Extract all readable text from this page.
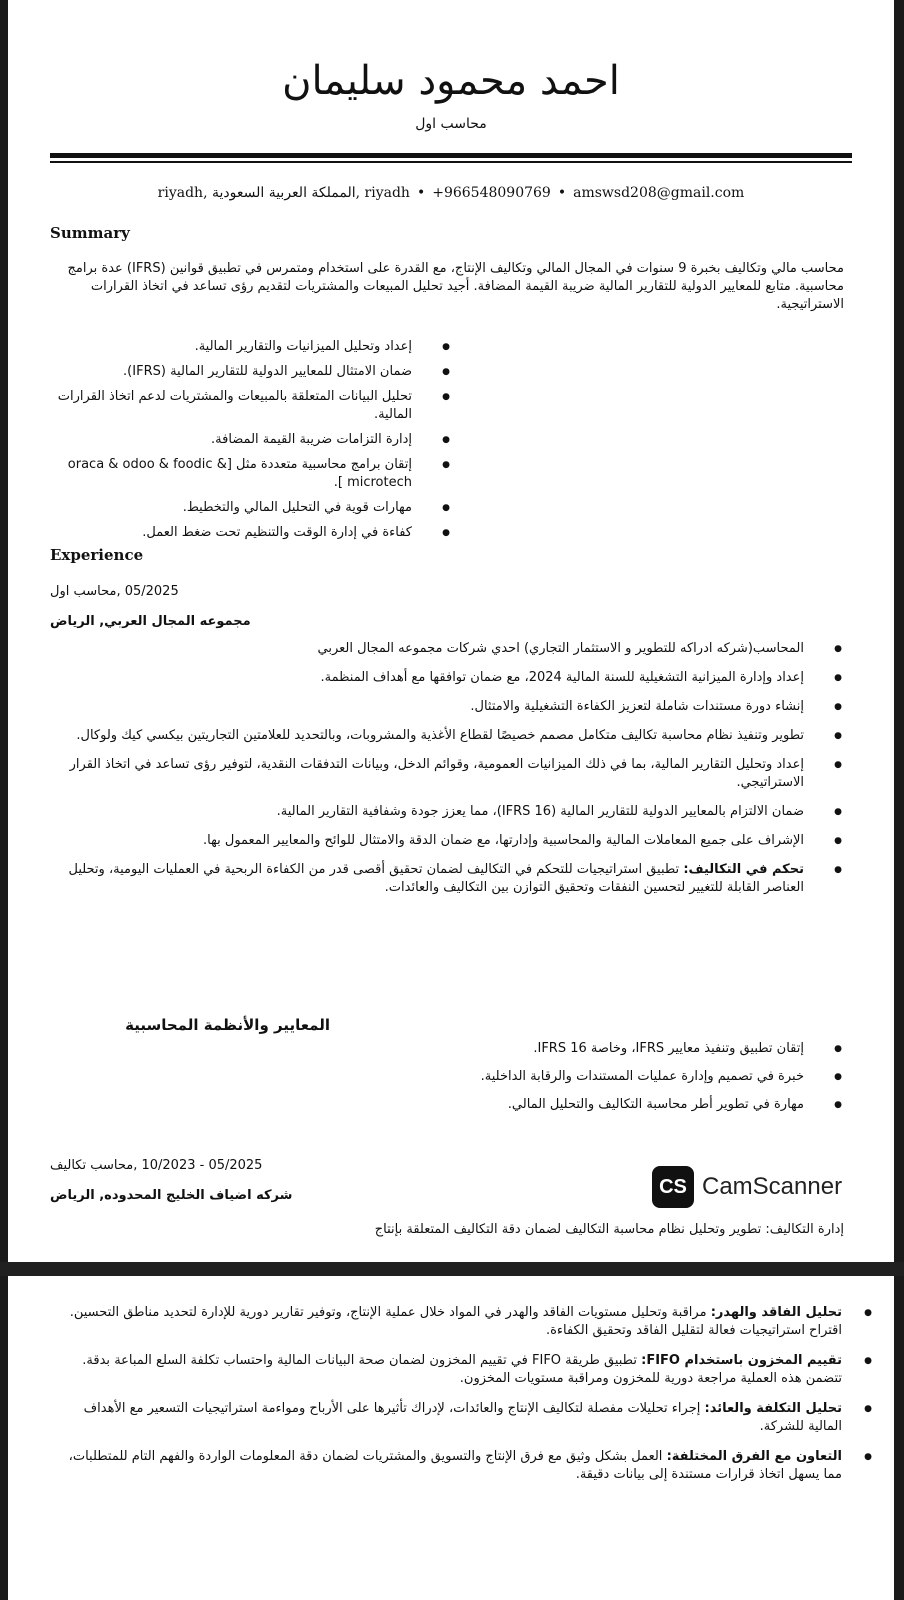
احمد محمود سليمان
محاسب اول
riyadh, المملكة العربية السعودية, riyadh • +966548090769 • amswsd208@gmail.com
Summary
محاسب مالي وتكاليف بخبرة 9 سنوات في المجال المالي وتكاليف الإنتاج، مع القدرة على استخدام ومتمرس في تطبيق قوانين (IFRS) عدة برامج محاسبية. متابع للمعايير الدولية للتقارير المالية ضريبة القيمة المضافة. أجيد تحليل المبيعات والمشتريات لتقديم رؤى تساعد في اتخاذ القرارات الاستراتيجية.
إعداد وتحليل الميزانيات والتقارير المالية. ●
ضمان الامتثال للمعايير الدولية للتقارير المالية (IFRS). ●
تحليل البيانات المتعلقة بالمبيعات والمشتريات لدعم اتخاذ القرارات المالية. ●
إدارة التزامات ضريبة القيمة المضافة. ●
إتقان برامج محاسبية متعددة مثل [oraca & odoo & foodic & microtech ]. ●
مهارات قوية في التحليل المالي والتخطيط. ●
كفاءة في إدارة الوقت والتنظيم تحت ضغط العمل. ●
Experience
محاسب اول, 05/2025
مجموعه المجال العربي, الرياض
المحاسب(شركه ادراكه للتطوير و الاستثمار التجاري) احدي شركات مجموعه المجال العربي ●
إعداد وإدارة الميزانية التشغيلية للسنة المالية 2024، مع ضمان توافقها مع أهداف المنظمة. ●
إنشاء دورة مستندات شاملة لتعزيز الكفاءة التشغيلية والامتثال. ●
تطوير وتنفيذ نظام محاسبة تكاليف متكامل مصمم خصيصًا لقطاع الأغذية والمشروبات، وبالتحديد للعلامتين التجاريتين بيكسي كيك ولوكال. ●
إعداد وتحليل التقارير المالية، بما في ذلك الميزانيات العمومية، وقوائم الدخل، وبيانات التدفقات النقدية، لتوفير رؤى تساعد في اتخاذ القرار الاستراتيجي. ●
ضمان الالتزام بالمعايير الدولية للتقارير المالية (IFRS 16)، مما يعزز جودة وشفافية التقارير المالية. ●
الإشراف على جميع المعاملات المالية والمحاسبية وإدارتها، مع ضمان الدقة والامتثال للوائح والمعايير المعمول بها. ●
تحكم في التكاليف: تطبيق استراتيجيات للتحكم في التكاليف لضمان تحقيق أقصى قدر من الكفاءة الربحية في العمليات اليومية، وتحليل العناصر القابلة للتغيير لتحسين النفقات وتحقيق التوازن بين التكاليف والعائدات. ●
المعايير والأنظمة المحاسبية
إتقان تطبيق وتنفيذ معايير IFRS، وخاصة IFRS 16. ●
خبرة في تصميم وإدارة عمليات المستندات والرقابة الداخلية. ●
مهارة في تطوير أطر محاسبة التكاليف والتحليل المالي. ●
محاسب تكاليف, 10/2023 - 05/2025
شركه اضياف الخليج المحدوده, الرياض
إدارة التكاليف: تطوير وتحليل نظام محاسبة التكاليف لضمان دقة التكاليف المتعلقة بإنتاج
CS CamScanner
تحليل الفاقد والهدر: مراقبة وتحليل مستويات الفاقد والهدر في المواد خلال عملية الإنتاج، وتوفير تقارير دورية للإدارة لتحديد مناطق التحسين. اقتراح استراتيجيات فعالة لتقليل الفاقد وتحقيق الكفاءة. ●
تقييم المخزون باستخدام FIFO: تطبيق طريقة FIFO في تقييم المخزون لضمان صحة البيانات المالية واحتساب تكلفة السلع المباعة بدقة. تتضمن هذه العملية مراجعة دورية للمخزون ومراقبة مستويات المخزون. ●
تحليل التكلفة والعائد: إجراء تحليلات مفصلة لتكاليف الإنتاج والعائدات، لإدراك تأثيرها على الأرباح ومواءمة استراتيجيات التسعير مع الأهداف المالية للشركة. ●
التعاون مع الفرق المختلفة: العمل بشكل وثيق مع فرق الإنتاج والتسويق والمشتريات لضمان دقة المعلومات الواردة والفهم التام للمتطلبات، مما يسهل اتخاذ قرارات مستندة إلى بيانات دقيقة. ●
